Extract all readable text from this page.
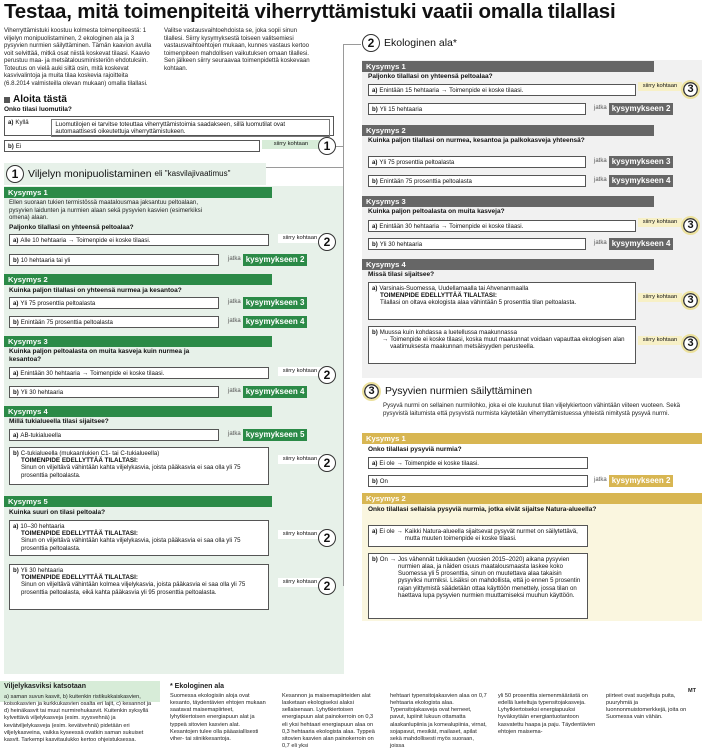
Testaa, mitä toimenpiteitä viherryttämistuki vaatii omalla tilallasi
Viherryttämistuki koostuu kolmesta toimenpiteestä: 1 viljelyn monipuolistaminen, 2 ekologinen ala ja 3 pysyvien nurmien säilyttäminen. Tämän kaavion avulla voit selvittää, mitkä osat niistä koskevat tilaasi. Kaavio perustuu maa- ja metsätalousministeriön ehdotuksiin. Toteutus on vielä auki siltä osin, mitä koskevat kasvivalintoja ja muita tilaa koskevia rajoitteita (6.8.2014 valmisteilla olevan mukaan) omalla tilallasi.
Valitse vastausvaihtoehdoista se, joka sopii sinun tilallesi. Siirry kysymyksestä toiseen valitsemiesi vastausvaihtoehtojen mukaan, kunnes vastaus kertoo toimenpiteen mahdollisen vaikutuksen omaan tilallesi. Sen jälkeen siirry seuraavaa toimenpidettä koskevaan kohtaan.
Aloita tästä
Onko tilasi luomutila?
a) Kyllä	Luomutilojen ei tarvitse toteuttaa viherryttämistoimia saadakseen, sillä luomutilat ovat automaattisesti oikeutettuja viherryttämistukeen.
b) Ei	siirry kohtaan	1
1 Viljelyn monipuolistaminen eli "kasvilajivaatimus"
Kysymys 1
Ellen suoraan tukien termistössä maatalousmaa jaksantuu peltoalaan, pysyvien laidunten ja nurmien alaan sekä pysyvien kasvien (esimerkiksi omena) alaan.
Paljonko tilallasi on yhteensä peltoalaa?
a) Alle 10 hehtaaria → Toimenpide ei koske tilaasi.	siirry kohtaan 2
b) 10 hehtaaria tai yli	jatka kysymykseen 2
Kysymys 2
Kuinka paljon tilallasi on yhteensä nurmea ja kesantoa?
a) Yli 75 prosenttia peltoalasta	jatka kysymykseen 3
b) Enintään 75 prosenttia peltoalasta	jatka kysymykseen 4
Kysymys 3
Kuinka paljon peltoalasta on muita kasveja kuin nurmea ja kesantoa?
a) Enintään 30 hehtaaria → Toimenpide ei koske tilaasi.	siirry kohtaan 2
b) Yli 30 hehtaaria	jatka kysymykseen 4
Kysymys 4
Millä tukialueella tilasi sijaitsee?
a) AB-tukialueella	jatka kysymykseen 5
b) C-tukialueella (mukaanlukien C1- tai C-tukialueella)
TOIMENPIDE EDELLYTTÄÄ TILALTASI:
Sinun on viljeltävä vähintään kahta viljelykasvia, joista pääkasvia ei saa olla yli 75 prosenttia peltoalasta.
siirry kohtaan 2
Kysymys 5
Kuinka suuri on tilasi peltoala?
a) 10–30 hehtaaria
TOIMENPIDE EDELLYTTÄÄ TILALTASI:
Sinun on viljeltävä vähintään kahta viljelykasvia, joista pääkasvia ei saa olla yli 75 prosenttia peltoalasta.
siirry kohtaan 2
b) Yli 30 hehtaaria
TOIMENPIDE EDELLYTTÄÄ TILALTASI:
Sinun on viljeltävä vähintään kolmea viljelykasvia, joista pääkasvia ei saa olla yli 75 prosenttia peltoalasta, eikä kahta pääkasvia yli 95 prosenttia peltoalasta.
siirry kohtaan 2
2 Ekologinen ala*
Kysymys 1
Paljonko tilallasi on yhteensä peltoalaa?
a) Enintään 15 hehtaaria → Toimenpide ei koske tilaasi.
siirry kohtaan 3
b) Yli 15 hehtaaria	jatka kysymykseen 2
Kysymys 2
Kuinka paljon tilallasi on nurmea, kesantoa ja palkokasveja yhteensä?
a) Yli 75 prosenttia peltoalasta	jatka kysymykseen 3
b) Enintään 75 prosenttia peltoalasta	jatka kysymykseen 4
Kysymys 3
Kuinka paljon peltoalasta on muita kasveja?
a) Enintään 30 hehtaaria → Toimenpide ei koske tilaasi.
siirry kohtaan 3
b) Yli 30 hehtaaria	jatka kysymykseen 4
Kysymys 4
Missä tilasi sijaitsee?
a) Varsinais-Suomessa, Uudellamaalla tai Ahvenanmaalla
TOIMENPIDE EDELLYTTÄÄ TILALTASI:
Tilallasi on oltava ekologista alaa vähintään 5 prosenttia tilan peltoalasta.
siirry kohtaan 3
b) Muussa kuin kohdassa a luetellussa maakunnassa
→ Toimenpide ei koske tilaasi, koska muut maakunnat voidaan vapauttaa ekologisen alan vaatimuksesta maakunnan metsäisyyden perusteella.
siirry kohtaan 3
3 Pysyvien nurmien säilyttäminen
Pysyvä nurmi on sellainen nurmilohko, joka ei ole kuulunut tilan viljelykiertoon vähintään viiteen vuoteen. Sekä pysyvistä laitumista että pysyvistä nurmista käytetään viherryttämistuessa yhteistä nimitystä pysyvä nurmi.
Kysymys 1
Onko tilallasi pysyviä nurmia?
a) Ei ole → Toimenpide ei koske tilaasi.
b) On	jatka kysymykseen 2
Kysymys 2
Onko tilallasi sellaisia pysyviä nurmia, jotka eivät sijaitse Natura-alueella?
a) Ei ole → Kaikki Natura-alueella sijaitsevat pysyvät nurmet on säilytettävä, mutta muuten toimenpide ei koske tilaasi.
b) On → Jos vähennät tukikauden (vuosien 2015–2020) aikana pysyvien nurmien alaa, ja näiden osuus maatalousmaasta laskee koko Suomessa yli 5 prosenttia, sinun on muutettava alaa takaisin pysyviksi nurmiksi. Lisäksi on mahdollista, että jo ennen 5 prosentin rajan ylittymistä säädetään ottaa käyttöön menettely, jossa tilan on haettava lupa pysyvien nurmien muuttamiseksi muuhun käyttöön.
Viljelykasviksi katsotaan
a) saman suvun kasvit, b) kuitenkin ristikukkaiskasvien, koisokasvien ja kurkkukasvien osalta eri lajit, c) kesannot ja d) heinäkasvit tai muut nurmirehukasvit. Kuitenkin syksyllä kylvettävä viljelykasveja (esim. syysvehnä) ja kevätviljelykasveja (esim. kevätvehnä) pidetään eri viljelykasveina, vaikka kyseessä ovatkin saman sukuiset kasvit. Tarkempi kasvitaulukko kertoo ohjeistuksessa.
* Ekologinen ala
Suomessa ekologisiin aloja ovat kesanto, täydentävien ehtojen mukaan saatavat maisemapiirteet, lyhytkiertoisen energiapuun alat ja typpeä sitovien kasvien alat. Kesantojen tulee olla pääasiallisesti viher- tai siinikkesantoja.
Kesannon ja maisemapiirteiden alat lasketaan ekologiseksi alaksi sellaisenaan. Lyhytkiertoisen energiapuun alat painokerroin on 0,3 eli yksi hehtaari energiapuun alaa on 0,3 hehtaaria ekologista alaa. Typpeä sitovien kasvien alan painokerroin on 0,7 eli yksi
hehtaari typensitojakasvien alaa on 0,7 hehtaaria ekologista alaa. Typensitojakasveja ovat herneet, pavut, lupiinit lukuun ottamatta alaskanlupiinia ja komealupiinia, virnat, sojapavut, mesikät, mailaset, apilat sekä mahdollisesti myös suoraan, joissa
yli 50 prosenttia siemenmäärästä on edellä lueteltuja typensitojakasveja. Lyhytkiertoiseksi energiapuuksi hyväksytään energiantuotantoon kasvatettu haapa ja paju. Täydentävien ehtojen maisema-
piirteet ovat suojeltuja puita, puuryhmiä ja luonnonmuistomerkkejä, joita on Suomessa vain vähän.
MT
